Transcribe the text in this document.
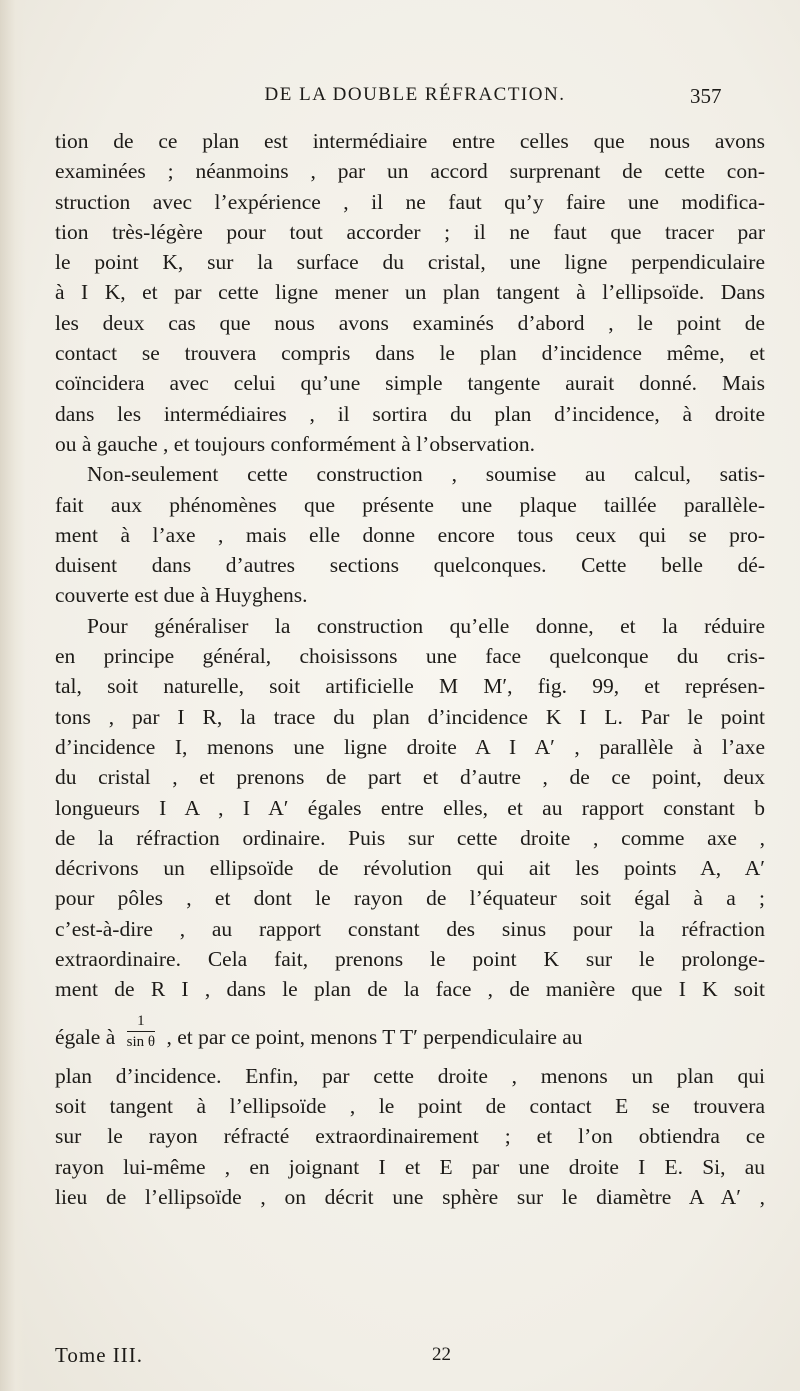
DE LA DOUBLE RÉFRACTION.	357
tion de ce plan est intermédiaire entre celles que nous avons
examinées ; néanmoins , par un accord surprenant de cette con-
struction avec l’expérience , il ne faut qu’y faire une modifica-
tion très-légère pour tout accorder ; il ne faut que tracer par
le point K, sur la surface du cristal, une ligne perpendiculaire
à I K, et par cette ligne mener un plan tangent à l’ellipsoïde. Dans
les deux cas que nous avons examinés d’abord , le point de
contact se trouvera compris dans le plan d’incidence même, et
coïncidera avec celui qu’une simple tangente aurait donné. Mais
dans les intermédiaires , il sortira du plan d’incidence, à droite
ou à gauche , et toujours conformément à l’observation.
Non-seulement cette construction , soumise au calcul, satis-
fait aux phénomènes que présente une plaque taillée parallèle-
ment à l’axe , mais elle donne encore tous ceux qui se pro-
duisent dans d’autres sections quelconques. Cette belle dé-
couverte est due à Huyghens.
Pour généraliser la construction qu’elle donne, et la réduire
en principe général, choisissons une face quelconque du cris-
tal, soit naturelle, soit artificielle M M′, fig. 99, et représen-
tons , par I R, la trace du plan d’incidence K I L. Par le point
d’incidence I, menons une ligne droite A I A′ , parallèle à l’axe
du cristal , et prenons de part et d’autre , de ce point, deux
longueurs I A , I A′ égales entre elles, et au rapport constant b
de la réfraction ordinaire. Puis sur cette droite , comme axe ,
décrivons un ellipsoïde de révolution qui ait les points A, A′
pour pôles , et dont le rayon de l’équateur soit égal à a ;
c’est-à-dire , au rapport constant des sinus pour la réfraction
extraordinaire. Cela fait, prenons le point K sur le prolonge-
ment de R I , dans le plan de la face , de manière que I K soit
égale à $\frac{1}{\text{sin θ}}$ , et par ce point, menons T T′ perpendiculaire au
plan d’incidence. Enfin, par cette droite , menons un plan qui
soit tangent à l’ellipsoïde , le point de contact E se trouvera
sur le rayon réfracté extraordinairement ; et l’on obtiendra ce
rayon lui-même , en joignant I et E par une droite I E. Si, au
lieu de l’ellipsoïde , on décrit une sphère sur le diamètre A A′ ,
Tome III.	22
